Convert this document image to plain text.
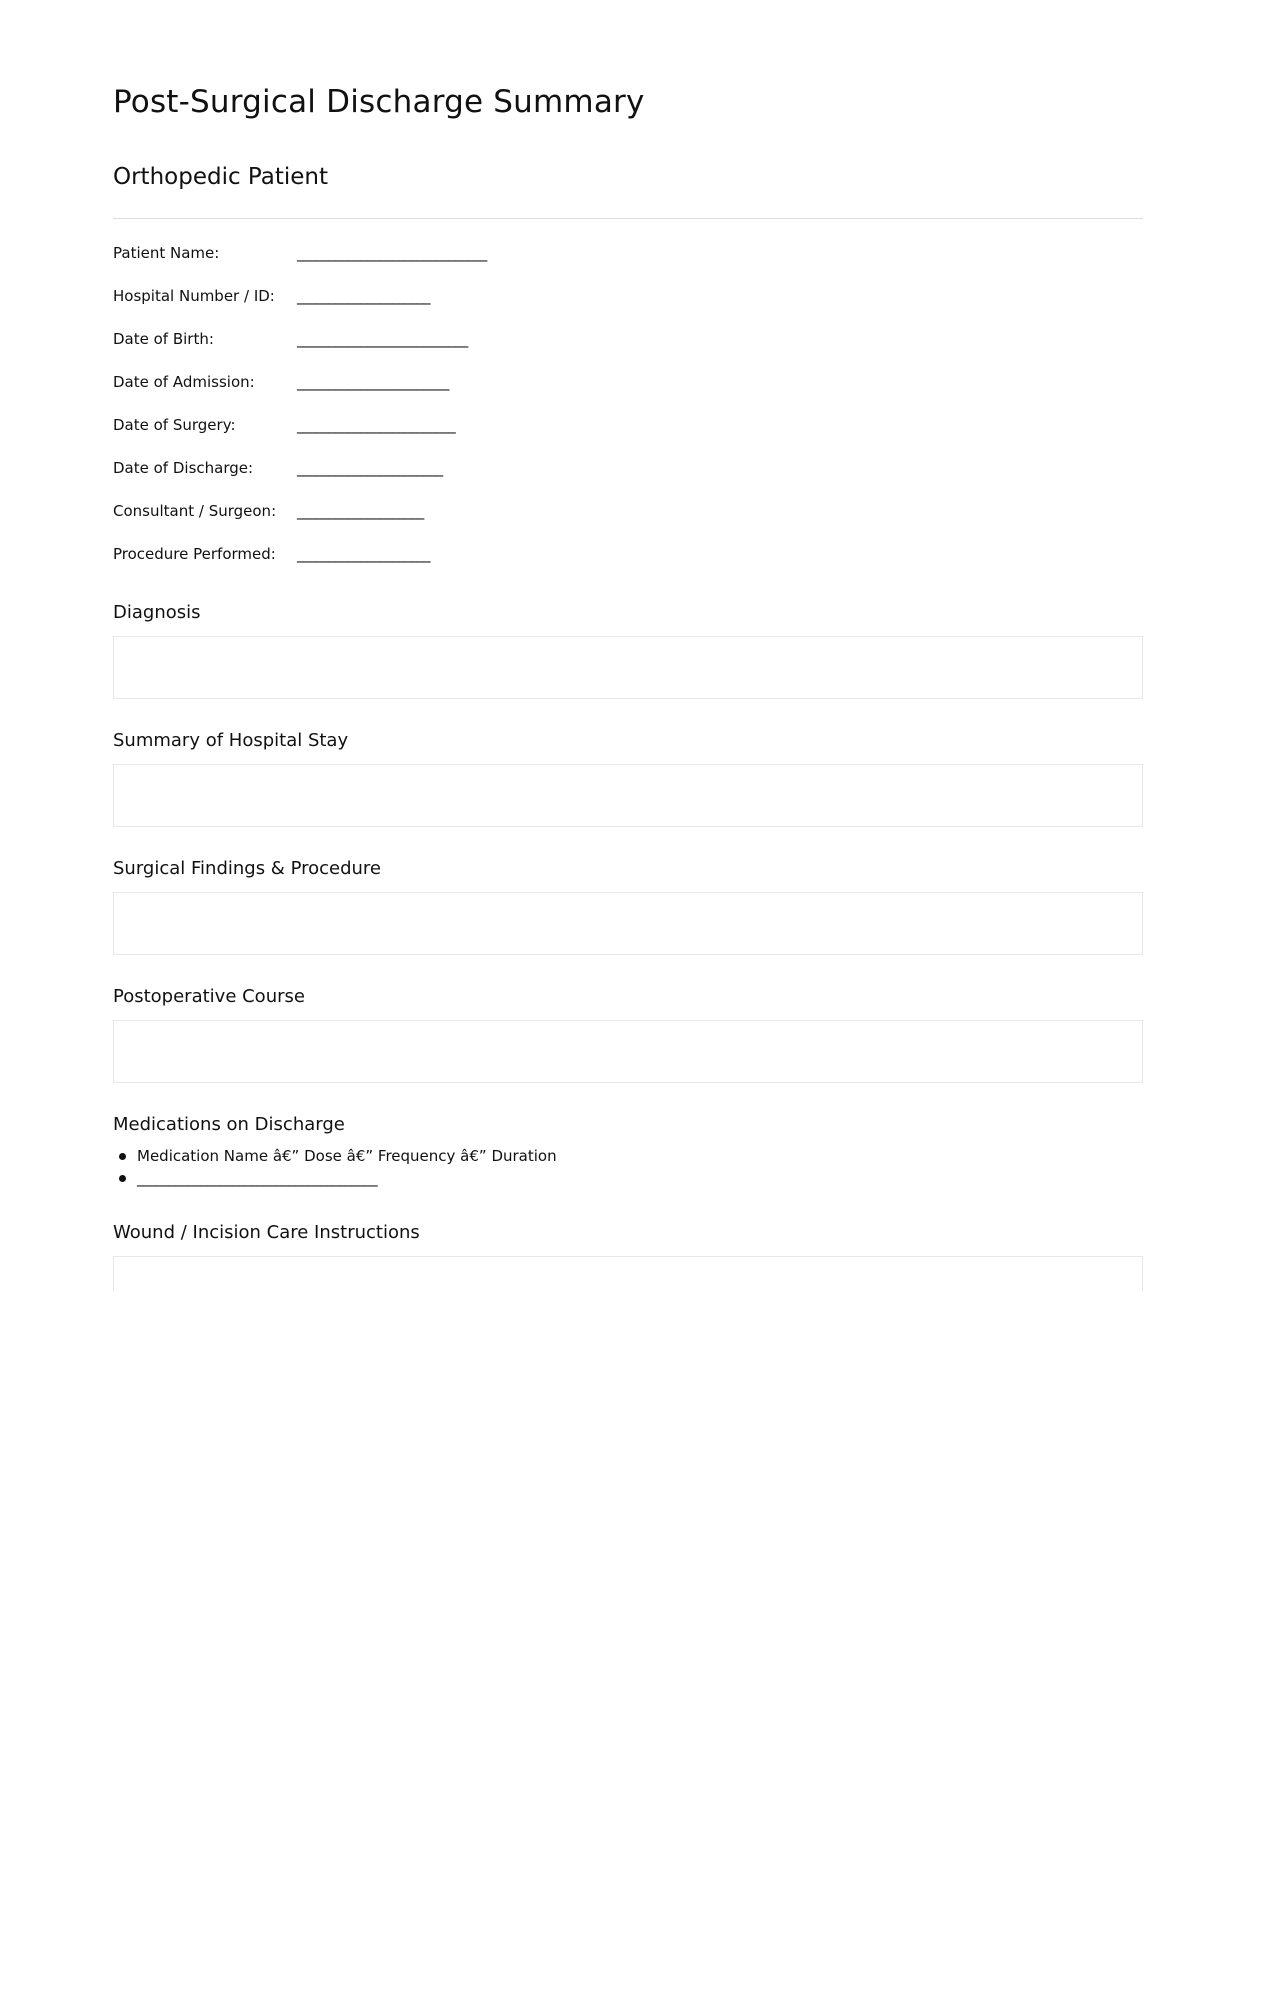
Post-Surgical Discharge Summary
Orthopedic Patient
Patient Name:	______________________________
Hospital Number / ID: _____________________
Date of Birth:	___________________________
Date of Admission:	________________________
Date of Surgery:	_________________________
Date of Discharge:	_______________________
Consultant / Surgeon: ____________________
Procedure Performed: _____________________
Diagnosis
Summary of Hospital Stay
Surgical Findings & Procedure
Postoperative Course
Medications on Discharge
Medication Name â€” Dose â€” Frequency â€” Duration
______________________________________
Wound / Incision Care Instructions
